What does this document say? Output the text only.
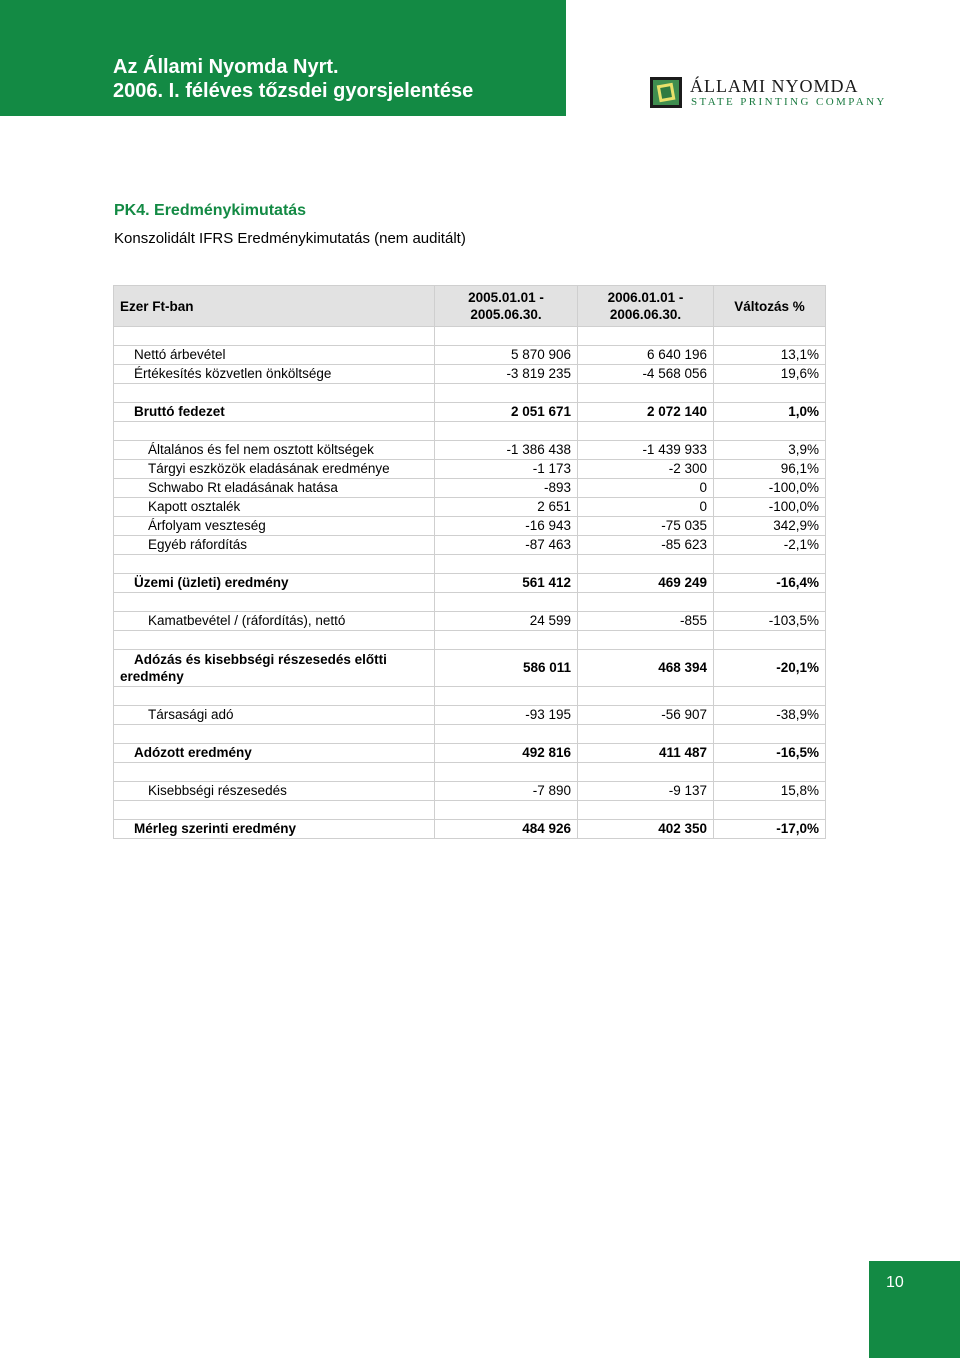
Az Állami Nyomda Nyrt.
2006. I. féléves tőzsdei gyorsjelentése	ÁLLAMI NYOMDA
STATE PRINTING COMPANY
PK4. Eredménykimutatás
Konszolidált IFRS Eredménykimutatás (nem auditált)
Ezer Ft-ban	2005.01.01 - 2005.06.30.	2006.01.01 - 2006.06.30.	Változás %

Nettó árbevétel	5 870 906	6 640 196	13,1%
Értékesítés közvetlen önköltsége	-3 819 235	-4 568 056	19,6%

Bruttó fedezet	2 051 671	2 072 140	1,0%

Általános és fel nem osztott költségek	-1 386 438	-1 439 933	3,9%
Tárgyi eszközök eladásának eredménye	-1 173	-2 300	96,1%
Schwabo Rt eladásának hatása	-893	0	-100,0%
Kapott osztalék	2 651	0	-100,0%
Árfolyam veszteség	-16 943	-75 035	342,9%
Egyéb ráfordítás	-87 463	-85 623	-2,1%

Üzemi (üzleti) eredmény	561 412	469 249	-16,4%

Kamatbevétel / (ráfordítás), nettó	24 599	-855	-103,5%

Adózás és kisebbségi részesedés előtti eredmény	586 011	468 394	-20,1%

Társasági adó	-93 195	-56 907	-38,9%

Adózott eredmény	492 816	411 487	-16,5%

Kisebbségi részesedés	-7 890	-9 137	15,8%

Mérleg szerinti eredmény	484 926	402 350	-17,0%
10
